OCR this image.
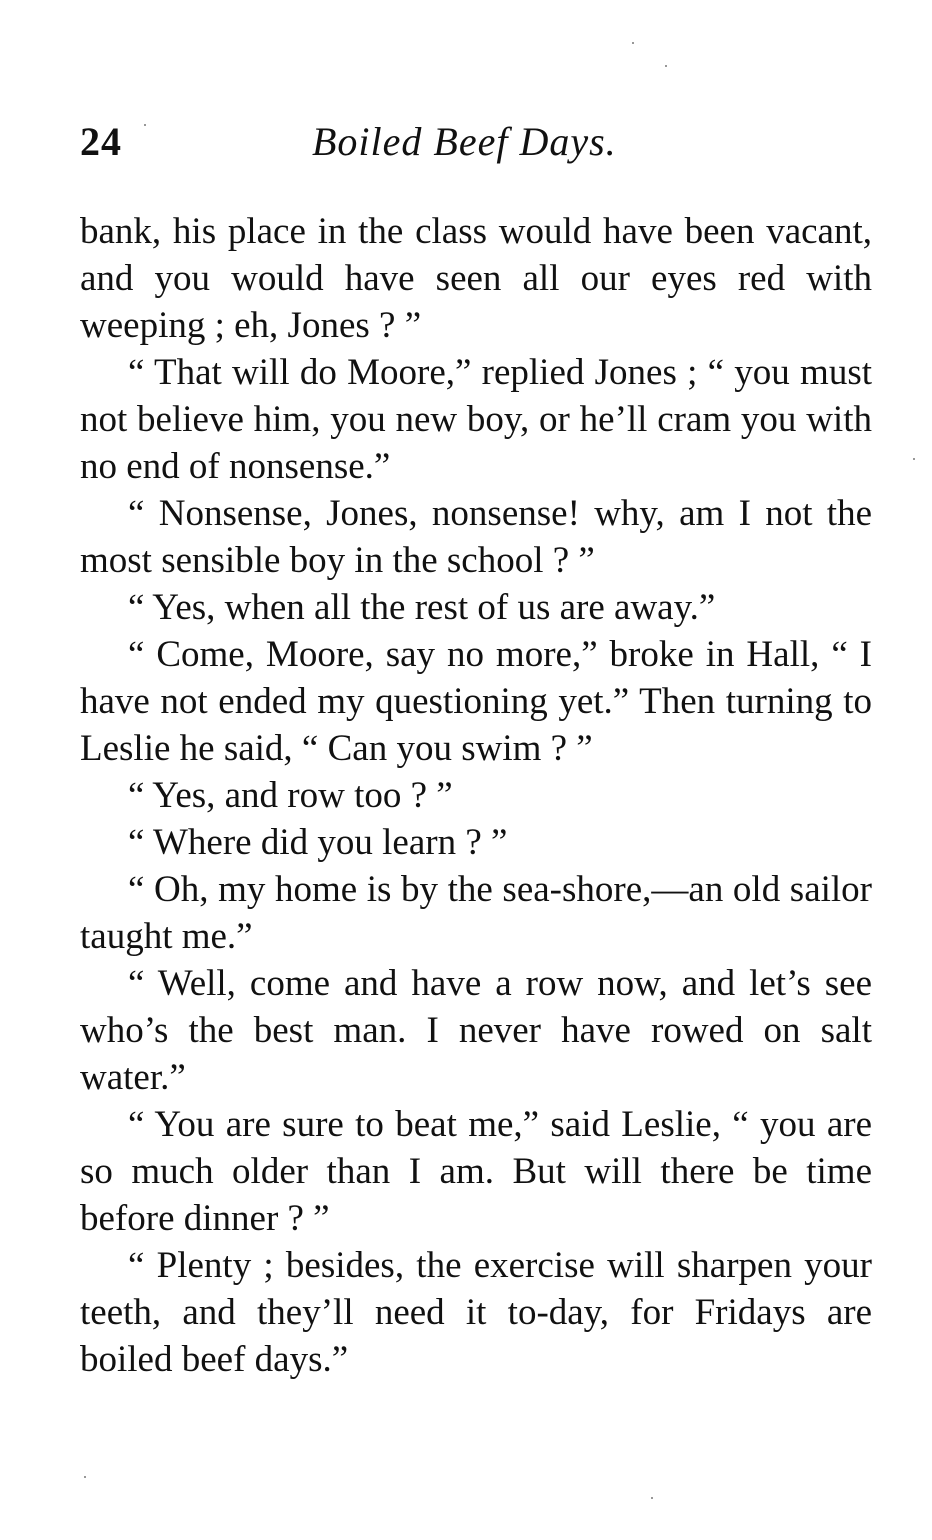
24	Boiled Beef Days.

bank, his place in the class would have been vacant, and you would have seen all our eyes red with weeping ; eh, Jones ? ”

“ That will do Moore,” replied Jones ; “ you must not believe him, you new boy, or he’ll cram you with no end of nonsense.”

“ Nonsense, Jones, nonsense! why, am I not the most sensible boy in the school ? ”

“ Yes, when all the rest of us are away.”

“ Come, Moore, say no more,” broke in Hall, “ I have not ended my questioning yet.” Then turning to Leslie he said, “ Can you swim ? ”

“ Yes, and row too ? ”

“ Where did you learn ? ”

“ Oh, my home is by the sea-shore,—an old sailor taught me.”

“ Well, come and have a row now, and let’s see who’s the best man. I never have rowed on salt water.”

“ You are sure to beat me,” said Leslie, “ you are so much older than I am. But will there be time before dinner ? ”

“ Plenty ; besides, the exercise will sharpen your teeth, and they’ll need it to-day, for Fridays are boiled beef days.”
